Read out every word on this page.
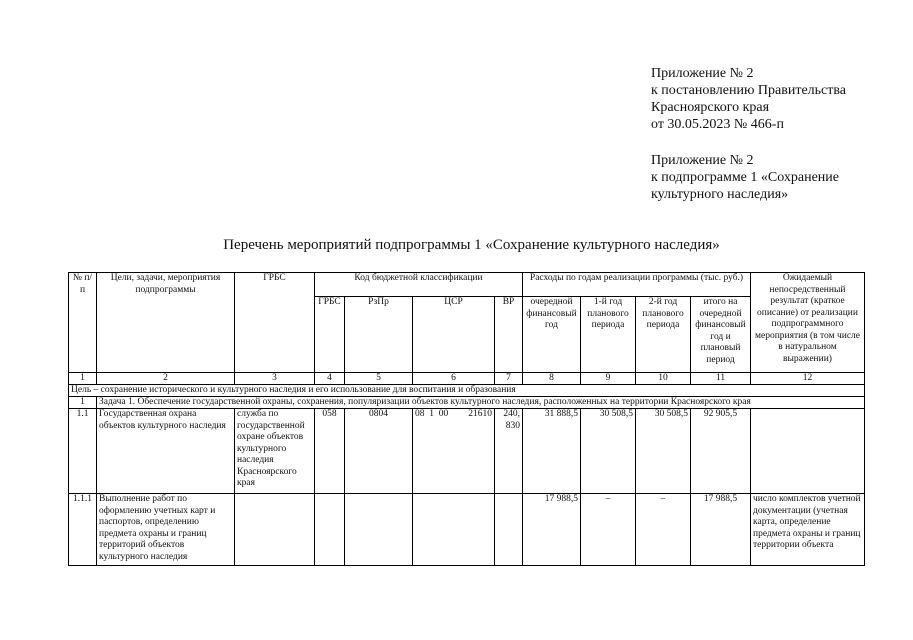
Приложение № 2
к постановлению Правительства
Красноярского края
от 30.05.2023 № 466-п
Приложение № 2
к подпрограмме 1 «Сохранение
культурного наследия»
Перечень мероприятий подпрограммы 1 «Сохранение культурного наследия»
№ п/п	Цели, задачи, мероприятия подпрограммы	ГРБС	Код бюджетной классификации				Расходы по годам реализации программы (тыс. руб.)				Ожидаемый непосредственный результат (краткое описание) от реализации подпрограммного мероприятия (в том числе в натуральном выражении)
			ГРБС	РзПр	ЦСР	ВР	очередной финансовый год	1-й год планового периода	2-й год планового периода	итого на очередной финансовый год и плановый период	
1	2	3	4	5	6	7	8	9	10	11	12
Цель – сохранение исторического и культурного наследия и его использование для воспитания и образования											
1	Задача 1. Обеспечение государственной охраны, сохранения, популяризации объектов культурного наследия, расположенных на территории Красноярского края										
1.1	Государственная охрана объектов культурного наследия	служба по государственной охране объектов культурного наследия Красноярского края	058	0804	08  1  00 21610	240, 830	31 888,5	30 508,5	30 508,5	92 905,5	
1.1.1	Выполнение работ по оформлению учетных карт и паспортов, определению предмета охраны и границ территорий объектов культурного наследия						17 988,5	–	–	17 988,5	число комплектов учетной документации (учетная карта, определение предмета охраны и границ территории объекта
